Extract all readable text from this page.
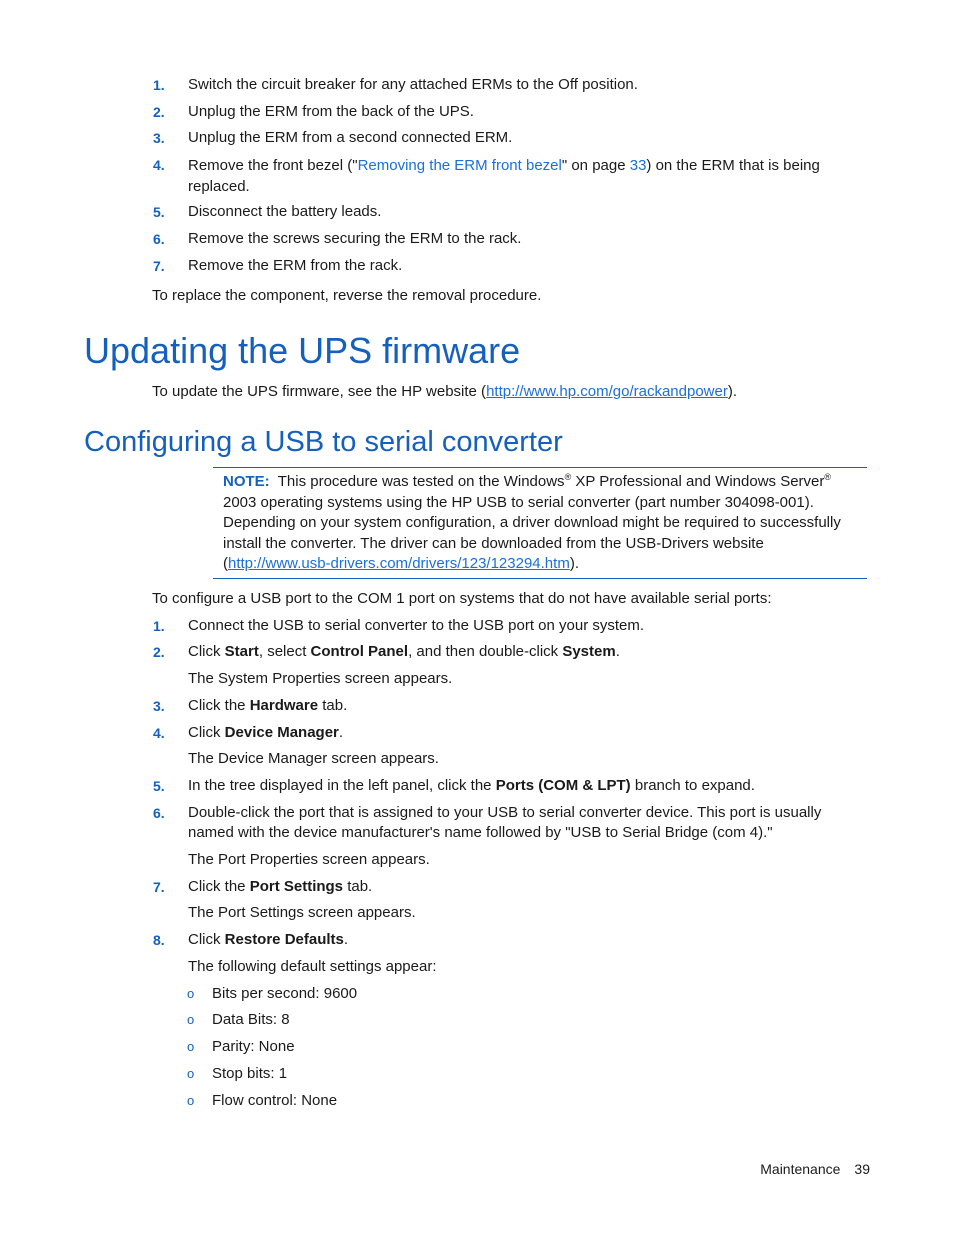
1. Switch the circuit breaker for any attached ERMs to the Off position.
2. Unplug the ERM from the back of the UPS.
3. Unplug the ERM from a second connected ERM.
4. Remove the front bezel ("Removing the ERM front bezel" on page 33) on the ERM that is being replaced.
5. Disconnect the battery leads.
6. Remove the screws securing the ERM to the rack.
7. Remove the ERM from the rack.
To replace the component, reverse the removal procedure.
Updating the UPS firmware
To update the UPS firmware, see the HP website (http://www.hp.com/go/rackandpower).
Configuring a USB to serial converter
NOTE: This procedure was tested on the Windows® XP Professional and Windows Server® 2003 operating systems using the HP USB to serial converter (part number 304098-001). Depending on your system configuration, a driver download might be required to successfully install the converter. The driver can be downloaded from the USB-Drivers website (http://www.usb-drivers.com/drivers/123/123294.htm).
To configure a USB port to the COM 1 port on systems that do not have available serial ports:
1. Connect the USB to serial converter to the USB port on your system.
2. Click Start, select Control Panel, and then double-click System.
The System Properties screen appears.
3. Click the Hardware tab.
4. Click Device Manager.
The Device Manager screen appears.
5. In the tree displayed in the left panel, click the Ports (COM & LPT) branch to expand.
6. Double-click the port that is assigned to your USB to serial converter device. This port is usually named with the device manufacturer's name followed by "USB to Serial Bridge (com 4)."
The Port Properties screen appears.
7. Click the Port Settings tab.
The Port Settings screen appears.
8. Click Restore Defaults.
The following default settings appear:
o Bits per second: 9600
o Data Bits: 8
o Parity: None
o Stop bits: 1
o Flow control: None
Maintenance 39
